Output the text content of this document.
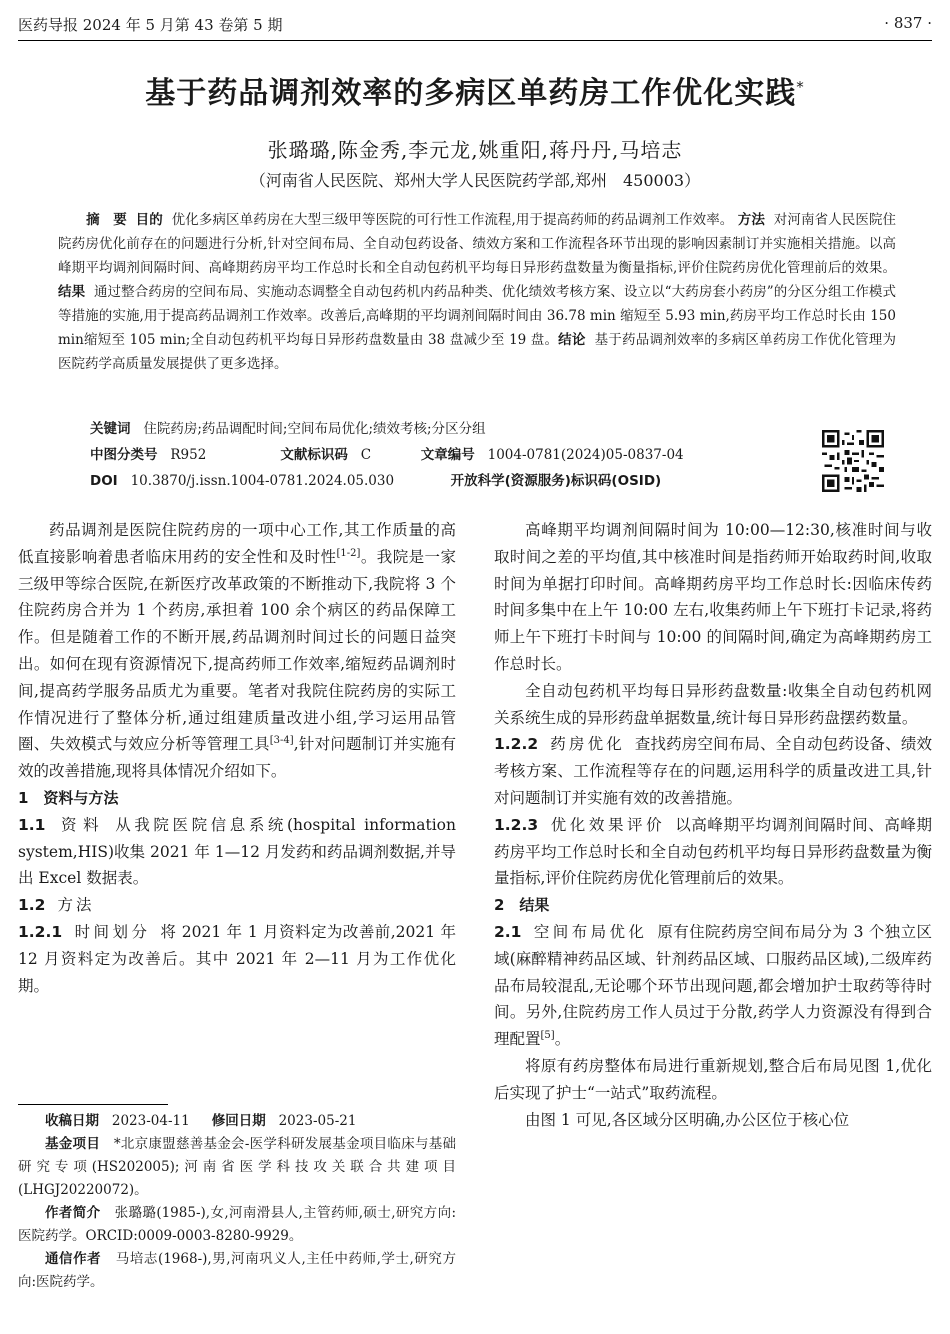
医药导报 2024 年 5 月第 43 卷第 5 期	· 837 ·
基于药品调剂效率的多病区单药房工作优化实践*
张璐璐,陈金秀,李元龙,姚重阳,蒋丹丹,马培志
（河南省人民医院、郑州大学人民医院药学部,郑州　450003）
摘　要 目的 优化多病区单药房在大型三级甲等医院的可行性工作流程,用于提高药师的药品调剂工作效率。 方法 对河南省人民医院住院药房优化前存在的问题进行分析,针对空间布局、全自动包药设备、绩效方案和工作流程各环节出现的影响因素制订并实施相关措施。以高峰期平均调剂间隔时间、高峰期药房平均工作总时长和全自动包药机平均每日异形药盘数量为衡量指标,评价住院药房优化管理前后的效果。结果 通过整合药房的空间布局、实施动态调整全自动包药机内药品种类、优化绩效考核方案、设立以“大药房套小药房”的分区分组工作模式等措施的实施,用于提高药品调剂工作效率。改善后,高峰期的平均调剂间隔时间由 36.78 min 缩短至 5.93 min,药房平均工作总时长由 150 min缩短至 105 min;全自动包药机平均每日异形药盘数量由 38 盘减少至 19 盘。结论 基于药品调剂效率的多病区单药房工作优化管理为医院药学高质量发展提供了更多选择。
关键词 住院药房;药品调配时间;空间布局优化;绩效考核;分区分组
中图分类号 R952	文献标识码 C	文章编号 1004-0781(2024)05-0837-04
DOI 10.3870/j.issn.1004-0781.2024.05.030	开放科学(资源服务)标识码(OSID)

药品调剂是医院住院药房的一项中心工作,其工作质量的高低直接影响着患者临床用药的安全性和及时性[1-2]。我院是一家三级甲等综合医院,在新医疗改革政策的不断推动下,我院将 3 个住院药房合并为 1 个药房,承担着 100 余个病区的药品保障工作。但是随着工作的不断开展,药品调剂时间过长的问题日益突出。如何在现有资源情况下,提高药师工作效率,缩短药品调剂时间,提高药学服务品质尤为重要。笔者对我院住院药房的实际工作情况进行了整体分析,通过组建质量改进小组,学习运用品管圈、失效模式与效应分析等管理工具[3-4],针对问题制订并实施有效的改善措施,现将具体情况介绍如下。

1　资料与方法

1.1 资料 从我院医院信息系统(hospital information system,HIS)收集 2021 年 1—12 月发药和药品调剂数据,并导出 Excel 数据表。

1.2 方法

1.2.1 时间划分 将 2021 年 1 月资料定为改善前,2021 年 12 月资料定为改善后。其中 2021 年 2—11 月为工作优化期。

高峰期平均调剂间隔时间为 10:00—12:30,核准时间与收取时间之差的平均值,其中核准时间是指药师开始取药时间,收取时间为单据打印时间。高峰期药房平均工作总时长:因临床传药时间多集中在上午 10:00 左右,收集药师上午下班打卡记录,将药师上午下班打卡时间与 10:00 的间隔时间,确定为高峰期药房工作总时长。

全自动包药机平均每日异形药盘数量:收集全自动包药机网关系统生成的异形药盘单据数量,统计每日异形药盘摆药数量。

1.2.2 药房优化 查找药房空间布局、全自动包药设备、绩效考核方案、工作流程等存在的问题,运用科学的质量改进工具,针对问题制订并实施有效的改善措施。

1.2.3 优化效果评价 以高峰期平均调剂间隔时间、高峰期药房平均工作总时长和全自动包药机平均每日异形药盘数量为衡量指标,评价住院药房优化管理前后的效果。

2　结果

2.1 空间布局优化 原有住院药房空间布局分为 3 个独立区域(麻醉精神药品区域、针剂药品区域、口服药品区域),二级库药品布局较混乱,无论哪个环节出现问题,都会增加护士取药等待时间。另外,住院药房工作人员过于分散,药学人力资源没有得到合理配置[5]。

将原有药房整体布局进行重新规划,整合后布局见图 1,优化后实现了护士“一站式”取药流程。

由图 1 可见,各区域分区明确,办公区位于核心位

收稿日期 2023-04-11 修回日期 2023-05-21

基金项目 *北京康盟慈善基金会-医学科研发展基金项目临床与基础研究专项(HS202005);河南省医学科技攻关联合共建项目(LHGJ20220072)。

作者简介 张璐璐(1985-),女,河南滑县人,主管药师,硕士,研究方向:医院药学。ORCID:0009-0003-8280-9929。

通信作者 马培志(1968-),男,河南巩义人,主任中药师,学士,研究方向:医院药学。
